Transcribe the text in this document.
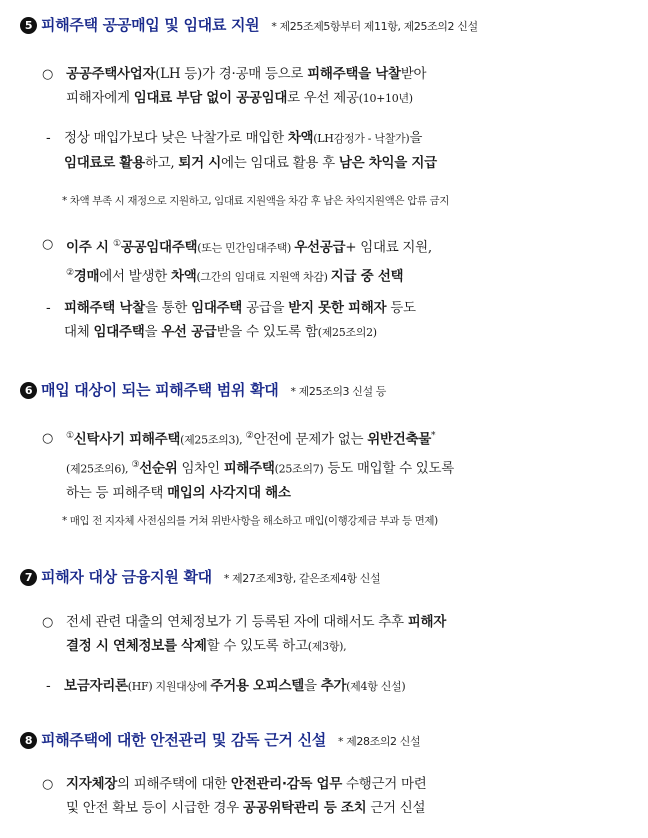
5 피해주택 공공매입 및 임대료 지원 * 제25조제5항부터 제11항, 제25조의2 신설
○ 공공주택사업자(LH 등)가 경·공매 등으로 피해주택을 낙찰받아
피해자에게 임대료 부담 없이 공공임대로 우선 제공(10+10년)
- 정상 매입가보다 낮은 낙찰가로 매입한 차액(LH감정가 - 낙찰가)을
임대료로 활용하고, 퇴거 시에는 임대료 활용 후 남은 차익을 지급
* 차액 부족 시 재정으로 지원하고, 임대료 지원액을 차감 후 남은 차익지원액은 압류 금지
○ 이주 시 ①공공임대주택(또는 민간임대주택) 우선공급+ 임대료 지원,
②경매에서 발생한 차액(그간의 임대료 지원액 차감) 지급 중 선택
- 피해주택 낙찰을 통한 임대주택 공급을 받지 못한 피해자 등도
대체 임대주택을 우선 공급받을 수 있도록 함(제25조의2)
6 매입 대상이 되는 피해주택 범위 확대 * 제25조의3 신설 등
○ ①신탁사기 피해주택(제25조의3), ②안전에 문제가 없는 위반건축물*
(제25조의6), ③선순위 임차인 피해주택(25조의7) 등도 매입할 수 있도록
하는 등 피해주택 매입의 사각지대 해소
* 매입 전 지자체 사전심의를 거쳐 위반사항을 해소하고 매입(이행강제금 부과 등 면제)
7 피해자 대상 금융지원 확대 * 제27조제3항, 같은조제4항 신설
○ 전세 관련 대출의 연체정보가 기 등록된 자에 대해서도 추후 피해자
결정 시 연체정보를 삭제할 수 있도록 하고(제3항),
- 보금자리론(HF) 지원대상에 주거용 오피스텔을 추가(제4항 신설)
8 피해주택에 대한 안전관리 및 감독 근거 신설 * 제28조의2 신설
○ 지자체장의 피해주택에 대한 안전관리·감독 업무 수행근거 마련
및 안전 확보 등이 시급한 경우 공공위탁관리 등 조치 근거 신설
